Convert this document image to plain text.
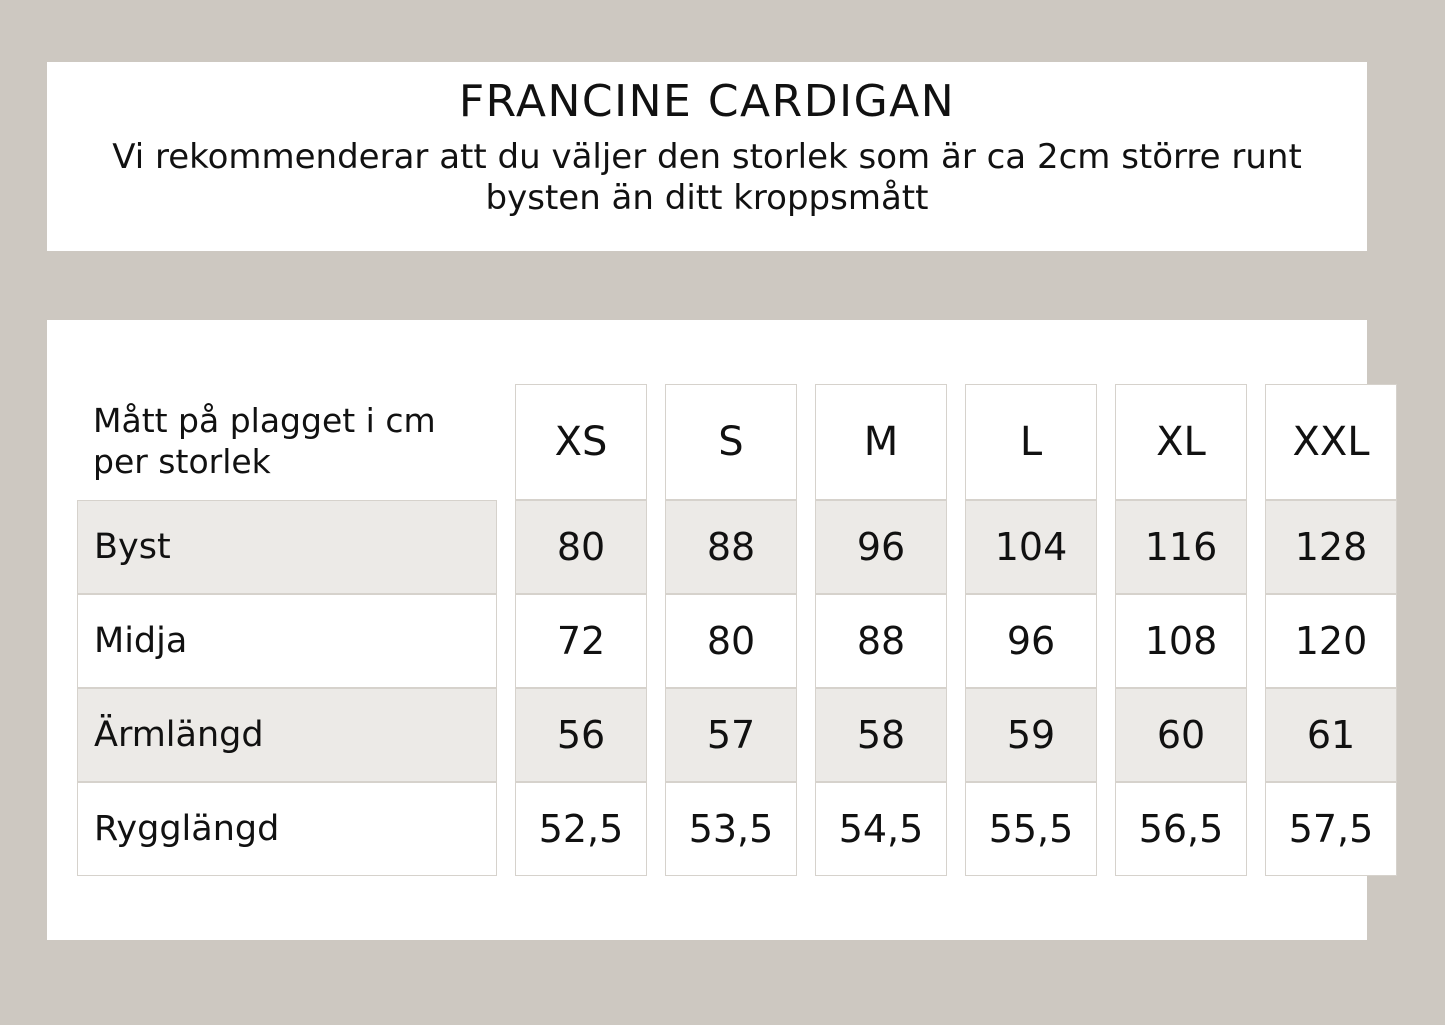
FRANCINE CARDIGAN

Vi rekommenderar att du väljer den storlek som är ca 2cm större runt bysten än ditt kroppsmått

Mått på plagget i cm per storlek		XS		S		M		L		XL		XXL
Byst		80		88		96		104		116		128
Midja		72		80		88		96		108		120
Ärmlängd		56		57		58		59		60		61
Rygglängd		52,5		53,5		54,5		55,5		56,5		57,5
